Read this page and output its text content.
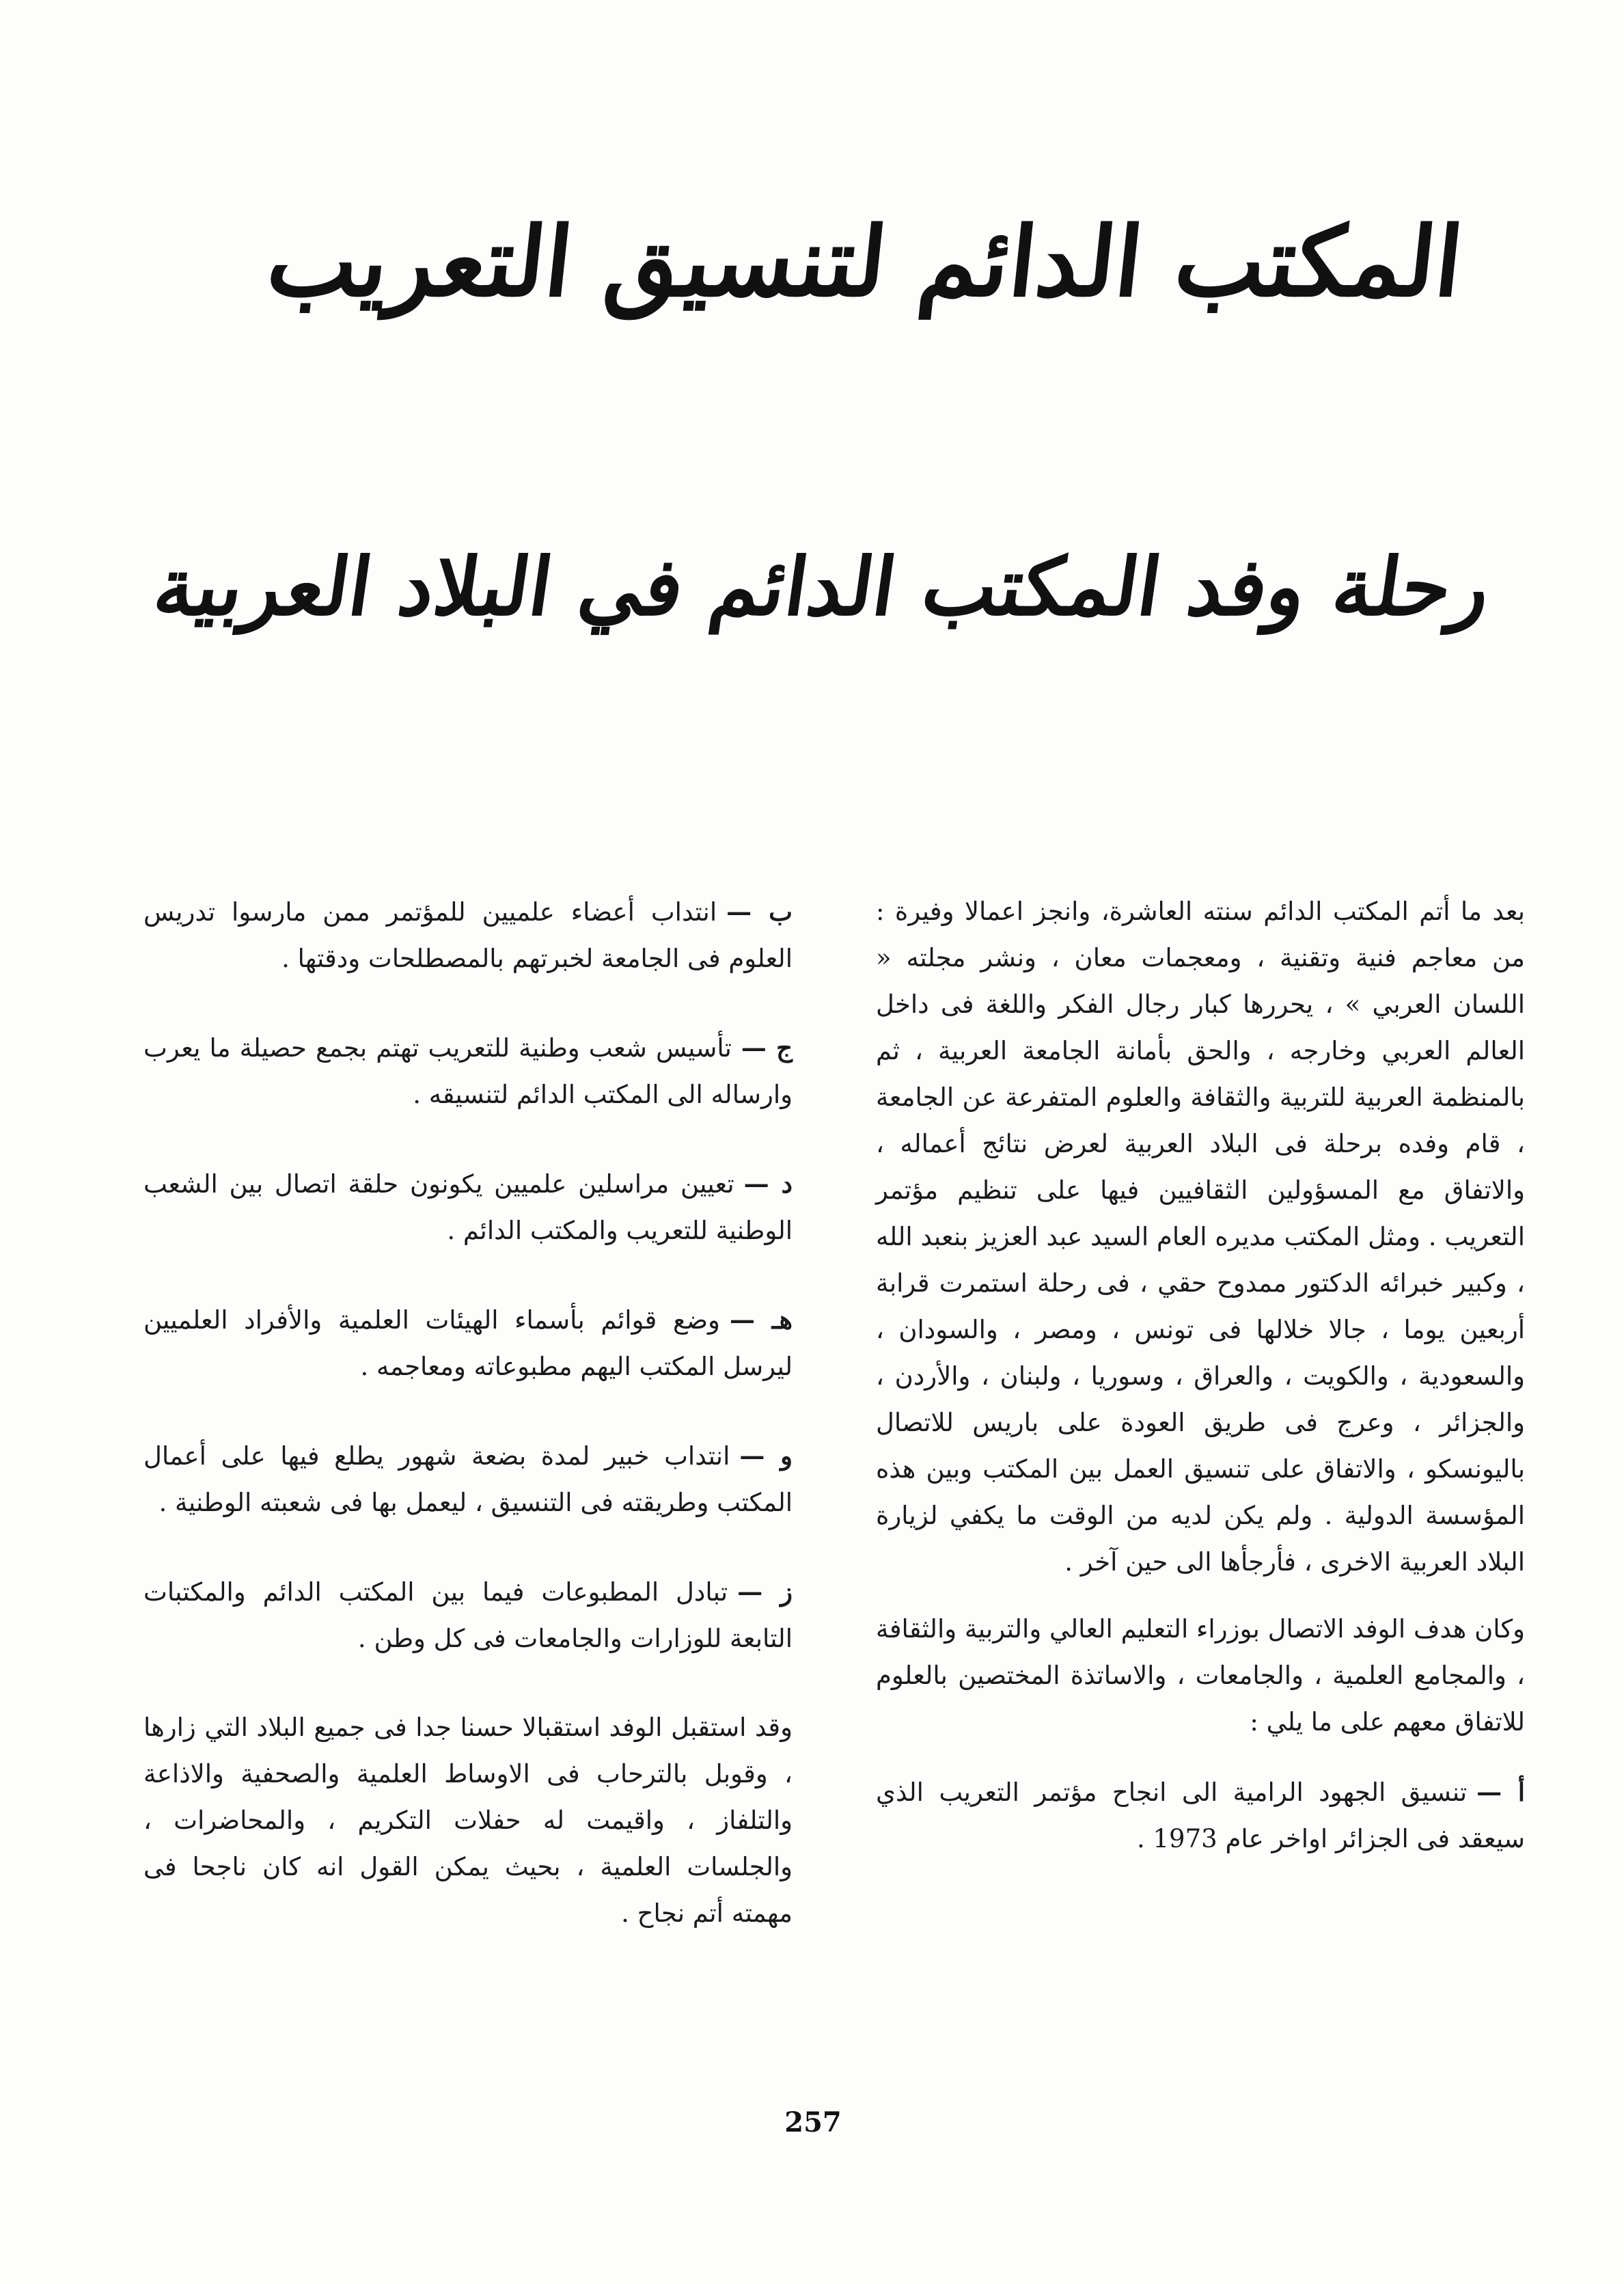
المكتب الدائم لتنسيق التعريب
رحلة وفد المكتب الدائم في البلاد العربية

بعد ما أتم المكتب الدائم سنته العاشرة، وانجز اعمالا وفيرة : من معاجم فنية وتقنية ، ومعجمات معان ، ونشر مجلته « اللسان العربي » ، يحررها كبار رجال الفكر واللغة فى داخل العالم العربي وخارجه ، والحق بأمانة الجامعة العربية ، ثم بالمنظمة العربية للتربية والثقافة والعلوم المتفرعة عن الجامعة ، قام وفده برحلة فى البلاد العربية لعرض نتائج أعماله ، والاتفاق مع المسؤولين الثقافيين فيها على تنظيم مؤتمر التعريب . ومثل المكتب مديره العام السيد عبد العزيز بنعبد الله ، وكبير خبرائه الدكتور ممدوح حقي ، فى رحلة استمرت قرابة أربعين يوما ، جالا خلالها فى تونس ، ومصر ، والسودان ، والسعودية ، والكويت ، والعراق ، وسوريا ، ولبنان ، والأردن ، والجزائر ، وعرج فى طريق العودة على باريس للاتصال باليونسكو ، والاتفاق على تنسيق العمل بين المكتب وبين هذه المؤسسة الدولية . ولم يكن لديه من الوقت ما يكفي لزيارة البلاد العربية الاخرى ، فأرجأها الى حين آخر .

وكان هدف الوفد الاتصال بوزراء التعليم العالي والتربية والثقافة ، والمجامع العلمية ، والجامعات ، والاساتذة المختصين بالعلوم للاتفاق معهم على ما يلي :

أ —تنسيق الجهود الرامية الى انجاح مؤتمر التعريب الذي سيعقد فى الجزائر اواخر عام 1973 .
ب —انتداب أعضاء علميين للمؤتمر ممن مارسوا تدريس العلوم فى الجامعة لخبرتهم بالمصطلحات ودقتها .
ج —تأسيس شعب وطنية للتعريب تهتم بجمع حصيلة ما يعرب وارساله الى المكتب الدائم لتنسيقه .
د —تعيين مراسلين علميين يكونون حلقة اتصال بين الشعب الوطنية للتعريب والمكتب الدائم .
هـ —وضع قوائم بأسماء الهيئات العلمية والأفراد العلميين ليرسل المكتب اليهم مطبوعاته ومعاجمه .
و —انتداب خبير لمدة بضعة شهور يطلع فيها على أعمال المكتب وطريقته فى التنسيق ، ليعمل بها فى شعبته الوطنية .
ز —تبادل المطبوعات فيما بين المكتب الدائم والمكتبات التابعة للوزارات والجامعات فى كل وطن .

وقد استقبل الوفد استقبالا حسنا جدا فى جميع البلاد التي زارها ، وقوبل بالترحاب فى الاوساط العلمية والصحفية والاذاعة والتلفاز ، واقيمت له حفلات التكريم ، والمحاضرات ، والجلسات العلمية ، بحيث يمكن القول انه كان ناجحا فى مهمته أتم نجاح .

257
